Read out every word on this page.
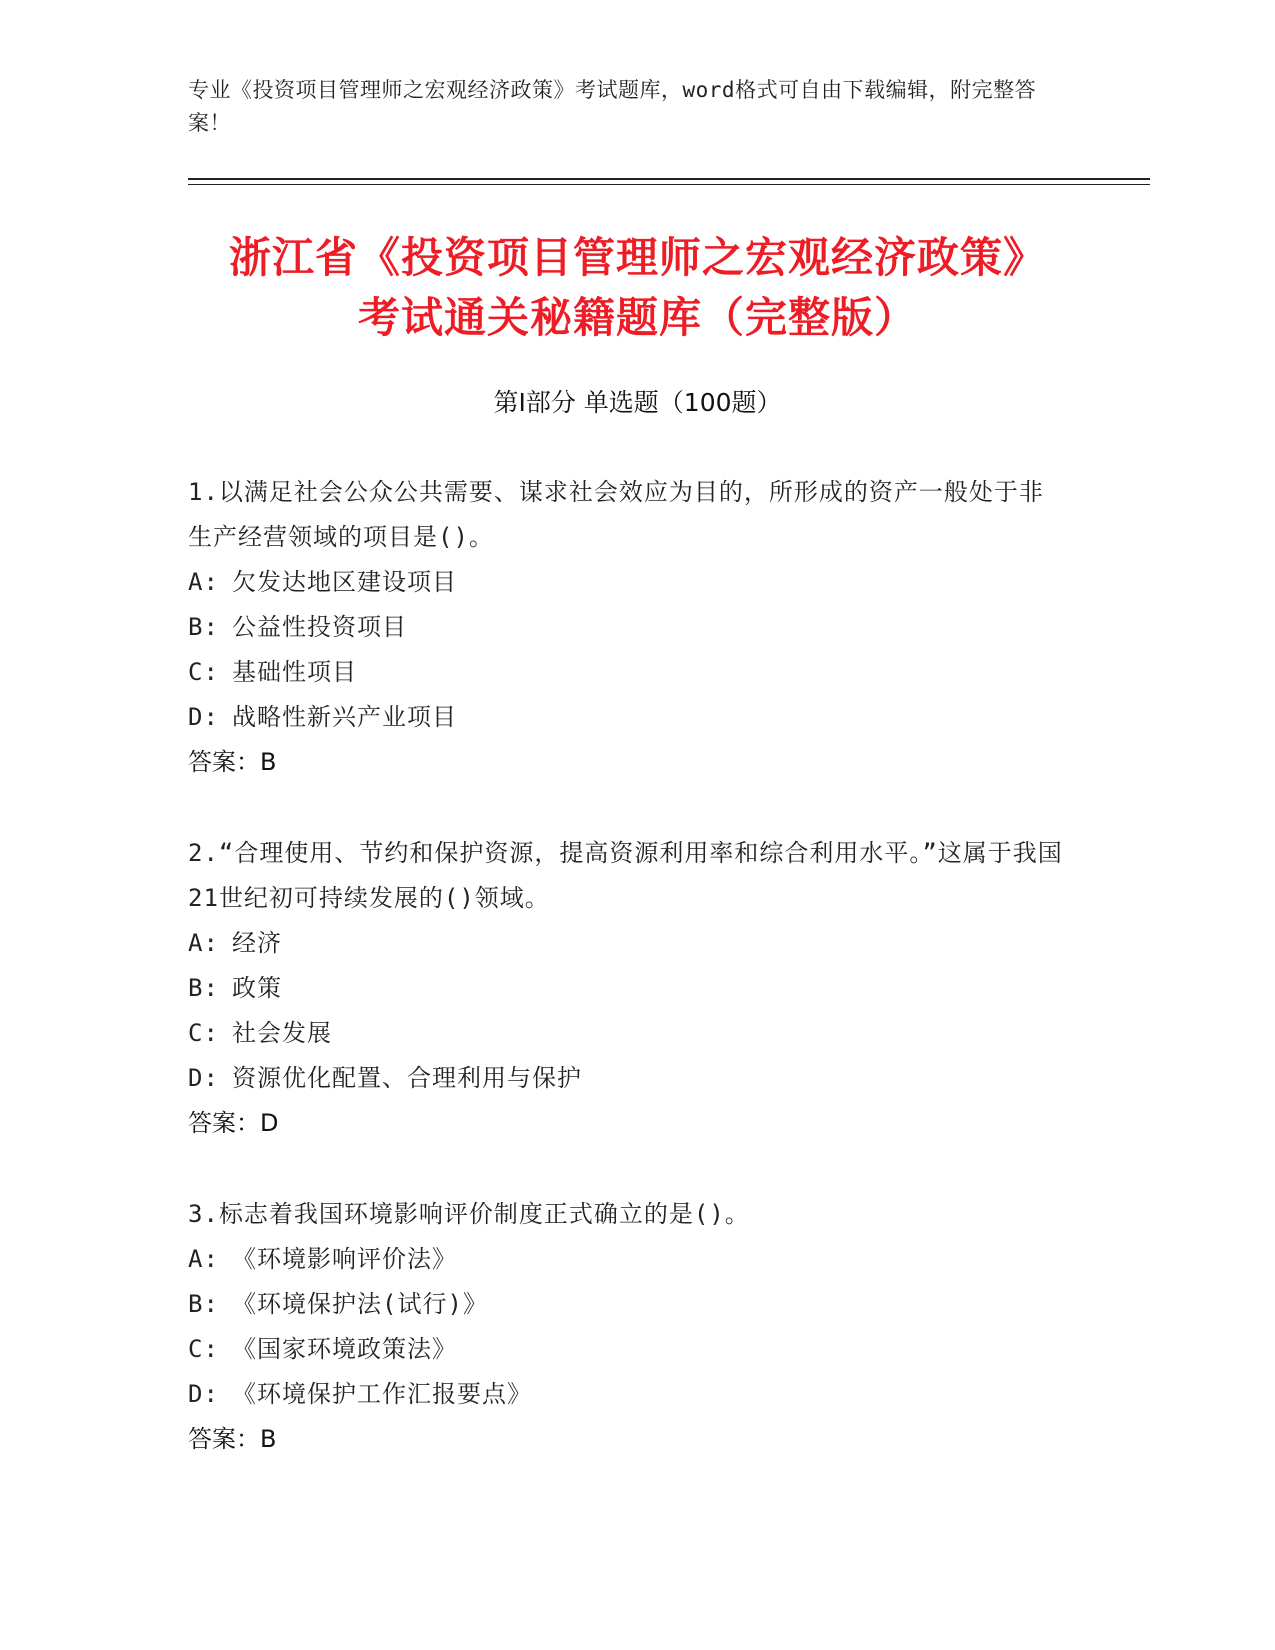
专业《投资项目管理师之宏观经济政策》考试题库，word格式可自由下载编辑，附完整答案！
浙江省《投资项目管理师之宏观经济政策》
考试通关秘籍题库（完整版）
第Ⅰ部分 单选题（100题）
1.以满足社会公众公共需要、谋求社会效应为目的，所形成的资产一般处于非生产经营领域的项目是()。
A: 欠发达地区建设项目
B: 公益性投资项目
C: 基础性项目
D: 战略性新兴产业项目
答案：B
2.“合理使用、节约和保护资源，提高资源利用率和综合利用水平。”这属于我国21世纪初可持续发展的()领域。
A: 经济
B: 政策
C: 社会发展
D: 资源优化配置、合理利用与保护
答案：D
3.标志着我国环境影响评价制度正式确立的是()。
A: 《环境影响评价法》
B: 《环境保护法(试行)》
C: 《国家环境政策法》
D: 《环境保护工作汇报要点》
答案：B
